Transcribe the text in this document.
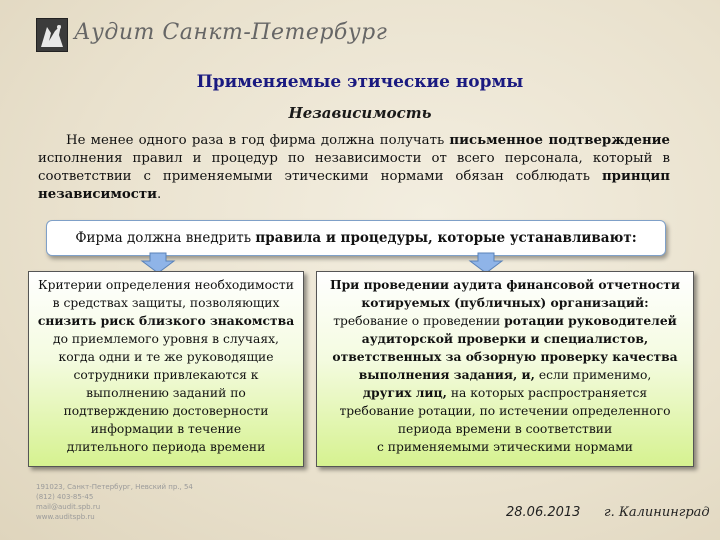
Аудит Санкт-Петербург
Применяемые этические нормы
Независимость
Не менее одного раза в год фирма должна получать письменное подтверждение исполнения правил и процедур по независимости от всего персонала, который в соответствии с применяемыми этическими нормами обязан соблюдать принцип независимости.
Фирма должна внедрить правила и процедуры, которые устанавливают:
Критерии определения необходимости
в средствах защиты, позволяющих
снизить риск близкого знакомства
до приемлемого уровня в случаях,
когда одни и те же руководящие
сотрудники привлекаются к
выполнению заданий по
подтверждению достоверности
информации в течение
длительного периода времени
При проведении аудита финансовой отчетности
котируемых (публичных) организаций:
требование о проведении ротации руководителей
аудиторской проверки и специалистов,
ответственных за обзорную проверку качества
выполнения задания, и, если применимо,
других лиц, на которых распространяется
требование ротации, по истечении определенного
периода времени в соответствии
с применяемыми этическими нормами
191023, Санкт-Петербург, Невский пр., 54
(812) 403-85-45
mail@audit.spb.ru
www.auditspb.ru	28.06.2013 г. Калининград
